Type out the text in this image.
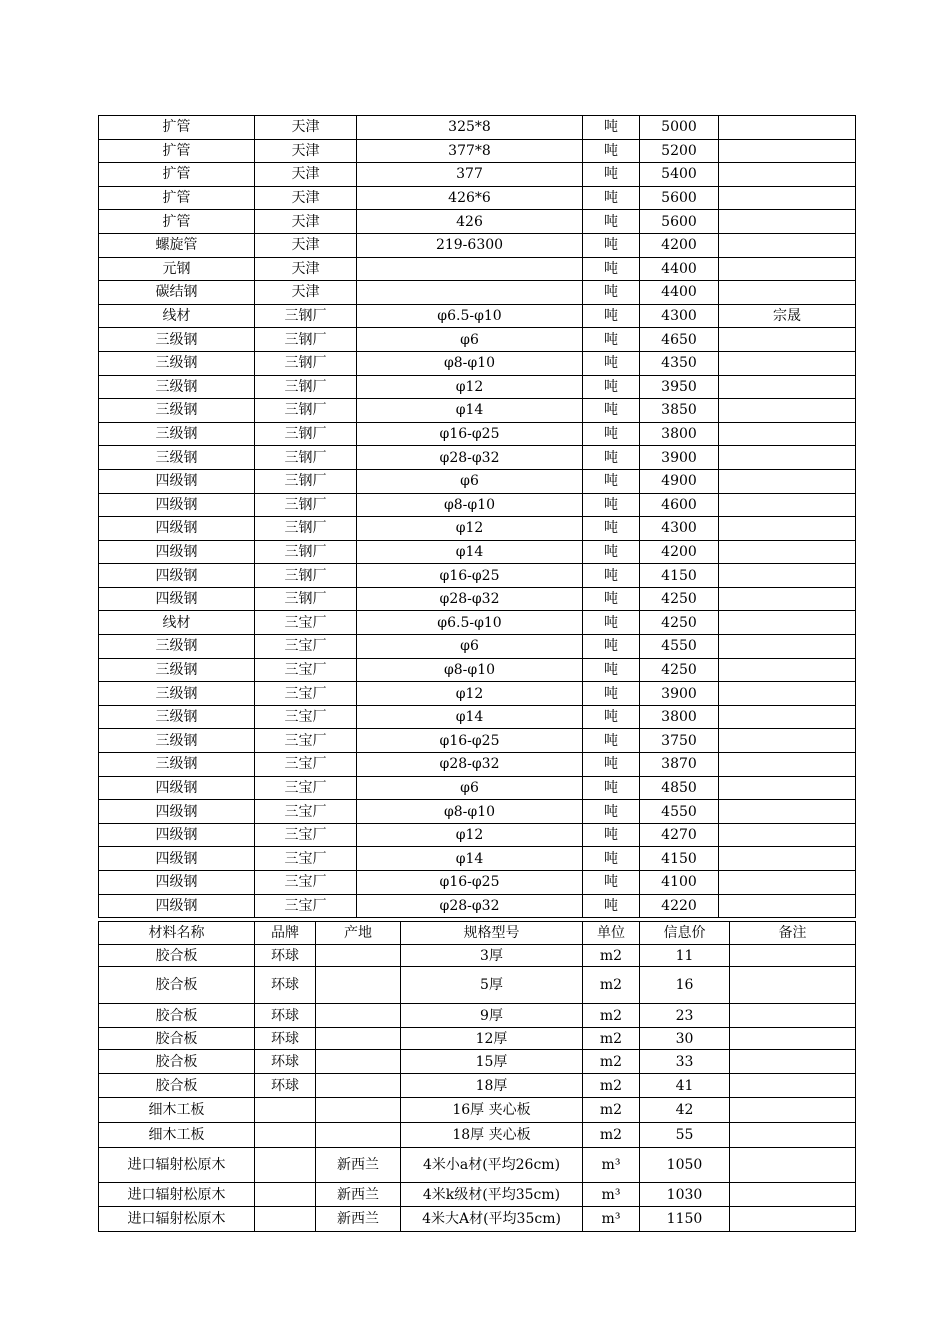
扩管	天津	325*8	吨	5000	
扩管	天津	377*8	吨	5200	
扩管	天津	377	吨	5400	
扩管	天津	426*6	吨	5600	
扩管	天津	426	吨	5600	
螺旋管	天津	219-6300	吨	4200	
元钢	天津		吨	4400	
碳结钢	天津		吨	4400	
线材	三钢厂	φ6.5-φ10	吨	4300	宗晟
三级钢	三钢厂	φ6	吨	4650	
三级钢	三钢厂	φ8-φ10	吨	4350	
三级钢	三钢厂	φ12	吨	3950	
三级钢	三钢厂	φ14	吨	3850	
三级钢	三钢厂	φ16-φ25	吨	3800	
三级钢	三钢厂	φ28-φ32	吨	3900	
四级钢	三钢厂	φ6	吨	4900	
四级钢	三钢厂	φ8-φ10	吨	4600	
四级钢	三钢厂	φ12	吨	4300	
四级钢	三钢厂	φ14	吨	4200	
四级钢	三钢厂	φ16-φ25	吨	4150	
四级钢	三钢厂	φ28-φ32	吨	4250	
线材	三宝厂	φ6.5-φ10	吨	4250	
三级钢	三宝厂	φ6	吨	4550	
三级钢	三宝厂	φ8-φ10	吨	4250	
三级钢	三宝厂	φ12	吨	3900	
三级钢	三宝厂	φ14	吨	3800	
三级钢	三宝厂	φ16-φ25	吨	3750	
三级钢	三宝厂	φ28-φ32	吨	3870	
四级钢	三宝厂	φ6	吨	4850	
四级钢	三宝厂	φ8-φ10	吨	4550	
四级钢	三宝厂	φ12	吨	4270	
四级钢	三宝厂	φ14	吨	4150	
四级钢	三宝厂	φ16-φ25	吨	4100	
四级钢	三宝厂	φ28-φ32	吨	4220	
材料名称	品牌	产地	规格型号	单位	信息价	备注
胶合板	环球		3厚	m2	11	
胶合板	环球		5厚	m2	16	
胶合板	环球		9厚	m2	23	
胶合板	环球		12厚	m2	30	
胶合板	环球		15厚	m2	33	
胶合板	环球		18厚	m2	41	
细木工板			16厚 夹心板	m2	42	
细木工板			18厚 夹心板	m2	55	
进口辐射松原木		新西兰	4米小a材(平均26cm)	m³	1050	
进口辐射松原木		新西兰	4米k级材(平均35cm)	m³	1030	
进口辐射松原木		新西兰	4米大A材(平均35cm)	m³	1150	
